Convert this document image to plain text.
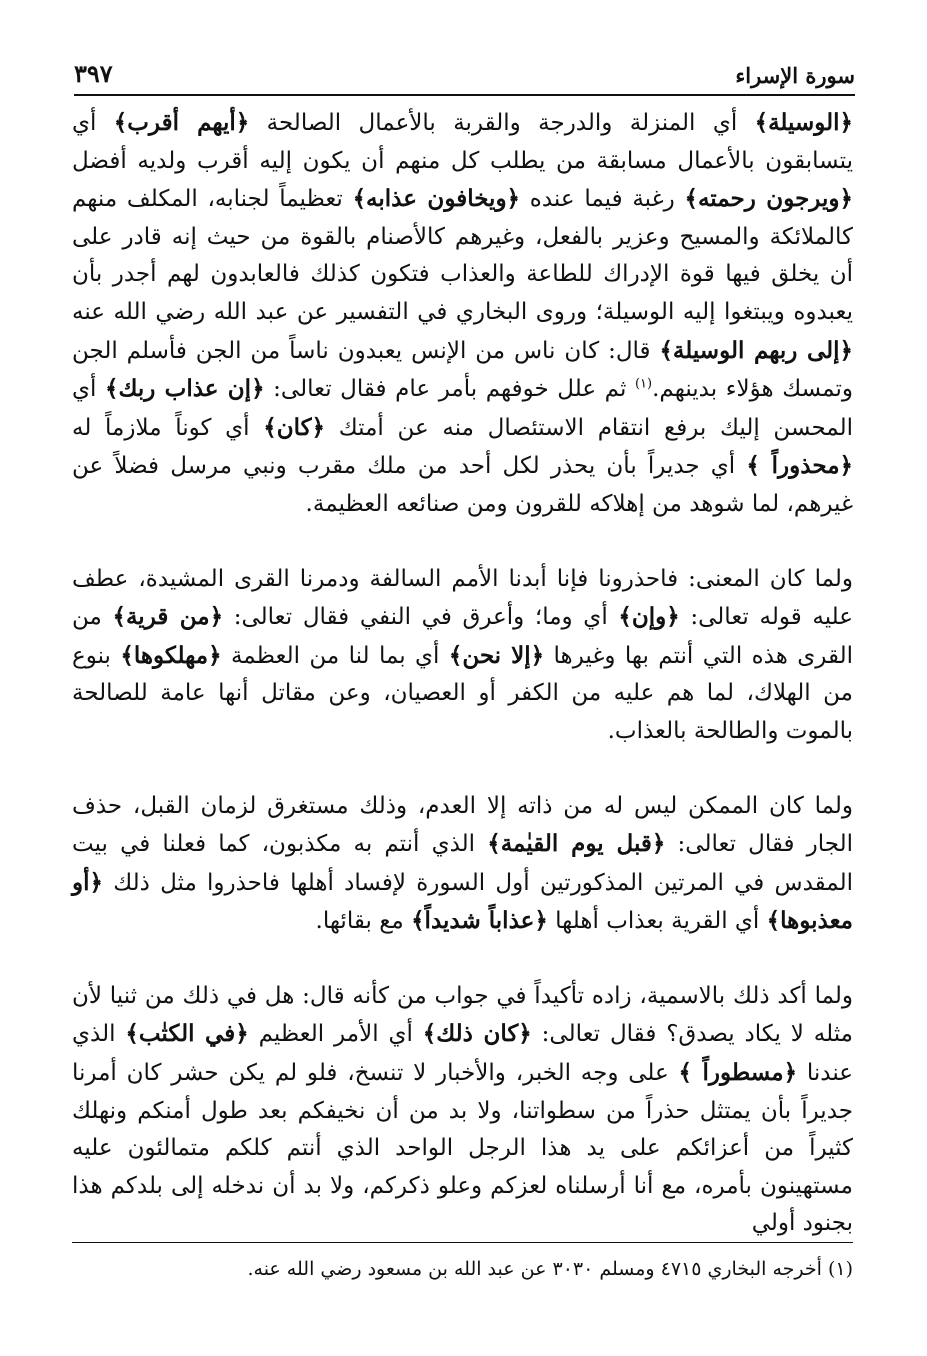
سورة الإسراء
٣٩٧

﴿الوسيلة﴾ أي المنزلة والدرجة والقربة بالأعمال الصالحة ﴿أيهم أقرب﴾ أي يتسابقون بالأعمال مسابقة من يطلب كل منهم أن يكون إليه أقرب ولديه أفضل ﴿ويرجون رحمته﴾ رغبة فيما عنده ﴿ويخافون عذابه﴾ تعظيماً لجنابه، المكلف منهم كالملائكة والمسيح وعزير بالفعل، وغيرهم كالأصنام بالقوة من حيث إنه قادر على أن يخلق فيها قوة الإدراك للطاعة والعذاب فتكون كذلك فالعابدون لهم أجدر بأن يعبدوه ويبتغوا إليه الوسيلة؛ وروى البخاري في التفسير عن عبد الله رضي الله عنه ﴿إلى ربهم الوسيلة﴾ قال: كان ناس من الإنس يعبدون ناساً من الجن فأسلم الجن وتمسك هؤلاء بدينهم.$^{(١)}$ ثم علل خوفهم بأمر عام فقال تعالى: ﴿إن عذاب ربك﴾ أي المحسن إليك برفع انتقام الاستئصال منه عن أمتك ﴿كان﴾ أي كوناً ملازماً له ﴿محذوراً ﴾ أي جديراً بأن يحذر لكل أحد من ملك مقرب ونبي مرسل فضلاً عن غيرهم، لما شوهد من إهلاكه للقرون ومن صنائعه العظيمة.

ولما كان المعنى: فاحذرونا فإنا أبدنا الأمم السالفة ودمرنا القرى المشيدة، عطف عليه قوله تعالى: ﴿وإن﴾ أي وما؛ وأعرق في النفي فقال تعالى: ﴿من قرية﴾ من القرى هذه التي أنتم بها وغيرها ﴿إلا نحن﴾ أي بما لنا من العظمة ﴿مهلكوها﴾ بنوع من الهلاك، لما هم عليه من الكفر أو العصيان، وعن مقاتل أنها عامة للصالحة بالموت والطالحة بالعذاب.

ولما كان الممكن ليس له من ذاته إلا العدم، وذلك مستغرق لزمان القبل، حذف الجار فقال تعالى: ﴿قبل يوم القيٰمة﴾ الذي أنتم به مكذبون، كما فعلنا في بيت المقدس في المرتين المذكورتين أول السورة لإفساد أهلها فاحذروا مثل ذلك ﴿أو معذبوها﴾ أي القرية بعذاب أهلها ﴿عذاباً شديداً﴾ مع بقائها.

ولما أكد ذلك بالاسمية، زاده تأكيداً في جواب من كأنه قال: هل في ذلك من ثنيا لأن مثله لا يكاد يصدق؟ فقال تعالى: ﴿كان ذلك﴾ أي الأمر العظيم ﴿في الكتٰب﴾ الذي عندنا ﴿مسطوراً ﴾ على وجه الخبر، والأخبار لا تنسخ، فلو لم يكن حشر كان أمرنا جديراً بأن يمتثل حذراً من سطواتنا، ولا بد من أن نخيفكم بعد طول أمنكم ونهلك كثيراً من أعزائكم على يد هذا الرجل الواحد الذي أنتم كلكم متمالئون عليه مستهينون بأمره، مع أنا أرسلناه لعزكم وعلو ذكركم، ولا بد أن ندخله إلى بلدكم هذا بجنود أولي

(١) أخرجه البخاري ٤٧١٥ ومسلم ٣٠٣٠ عن عبد الله بن مسعود رضي الله عنه.
